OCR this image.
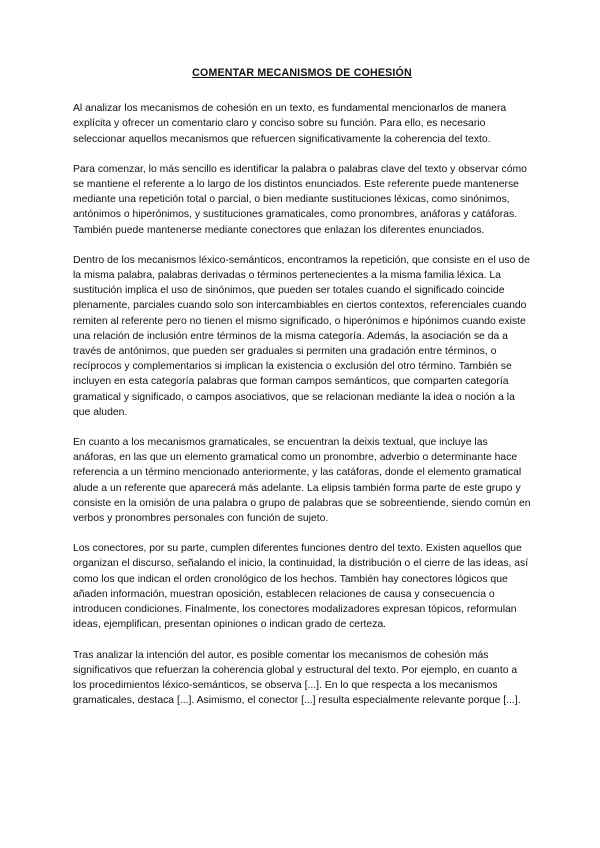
COMENTAR MECANISMOS DE COHESIÓN

Al analizar los mecanismos de cohesión en un texto, es fundamental mencionarlos de manera explícita y ofrecer un comentario claro y conciso sobre su función. Para ello, es necesario seleccionar aquellos mecanismos que refuercen significativamente la coherencia del texto.

Para comenzar, lo más sencillo es identificar la palabra o palabras clave del texto y observar cómo se mantiene el referente a lo largo de los distintos enunciados. Este referente puede mantenerse mediante una repetición total o parcial, o bien mediante sustituciones léxicas, como sinónimos, antónimos o hiperónimos, y sustituciones gramaticales, como pronombres, anáforas y catáforas. También puede mantenerse mediante conectores que enlazan los diferentes enunciados.

Dentro de los mecanismos léxico-semánticos, encontramos la repetición, que consiste en el uso de la misma palabra, palabras derivadas o términos pertenecientes a la misma familia léxica. La sustitución implica el uso de sinónimos, que pueden ser totales cuando el significado coincide plenamente, parciales cuando solo son intercambiables en ciertos contextos, referenciales cuando remiten al referente pero no tienen el mismo significado, o hiperónimos e hipónimos cuando existe una relación de inclusión entre términos de la misma categoría. Además, la asociación se da a través de antónimos, que pueden ser graduales si permiten una gradación entre términos, o recíprocos y complementarios si implican la existencia o exclusión del otro término. También se incluyen en esta categoría palabras que forman campos semánticos, que comparten categoría gramatical y significado, o campos asociativos, que se relacionan mediante la idea o noción a la que aluden.

En cuanto a los mecanismos gramaticales, se encuentran la deixis textual, que incluye las anáforas, en las que un elemento gramatical como un pronombre, adverbio o determinante hace referencia a un término mencionado anteriormente, y las catáforas, donde el elemento gramatical alude a un referente que aparecerá más adelante. La elipsis también forma parte de este grupo y consiste en la omisión de una palabra o grupo de palabras que se sobreentiende, siendo común en verbos y pronombres personales con función de sujeto.

Los conectores, por su parte, cumplen diferentes funciones dentro del texto. Existen aquellos que organizan el discurso, señalando el inicio, la continuidad, la distribución o el cierre de las ideas, así como los que indican el orden cronológico de los hechos. También hay conectores lógicos que añaden información, muestran oposición, establecen relaciones de causa y consecuencia o introducen condiciones. Finalmente, los conectores modalizadores expresan tópicos, reformulan ideas, ejemplifican, presentan opiniones o indican grado de certeza.

Tras analizar la intención del autor, es posible comentar los mecanismos de cohesión más significativos que refuerzan la coherencia global y estructural del texto. Por ejemplo, en cuanto a los procedimientos léxico-semánticos, se observa [...]. En lo que respecta a los mecanismos gramaticales, destaca [...]. Asimismo, el conector [...] resulta especialmente relevante porque [...].
